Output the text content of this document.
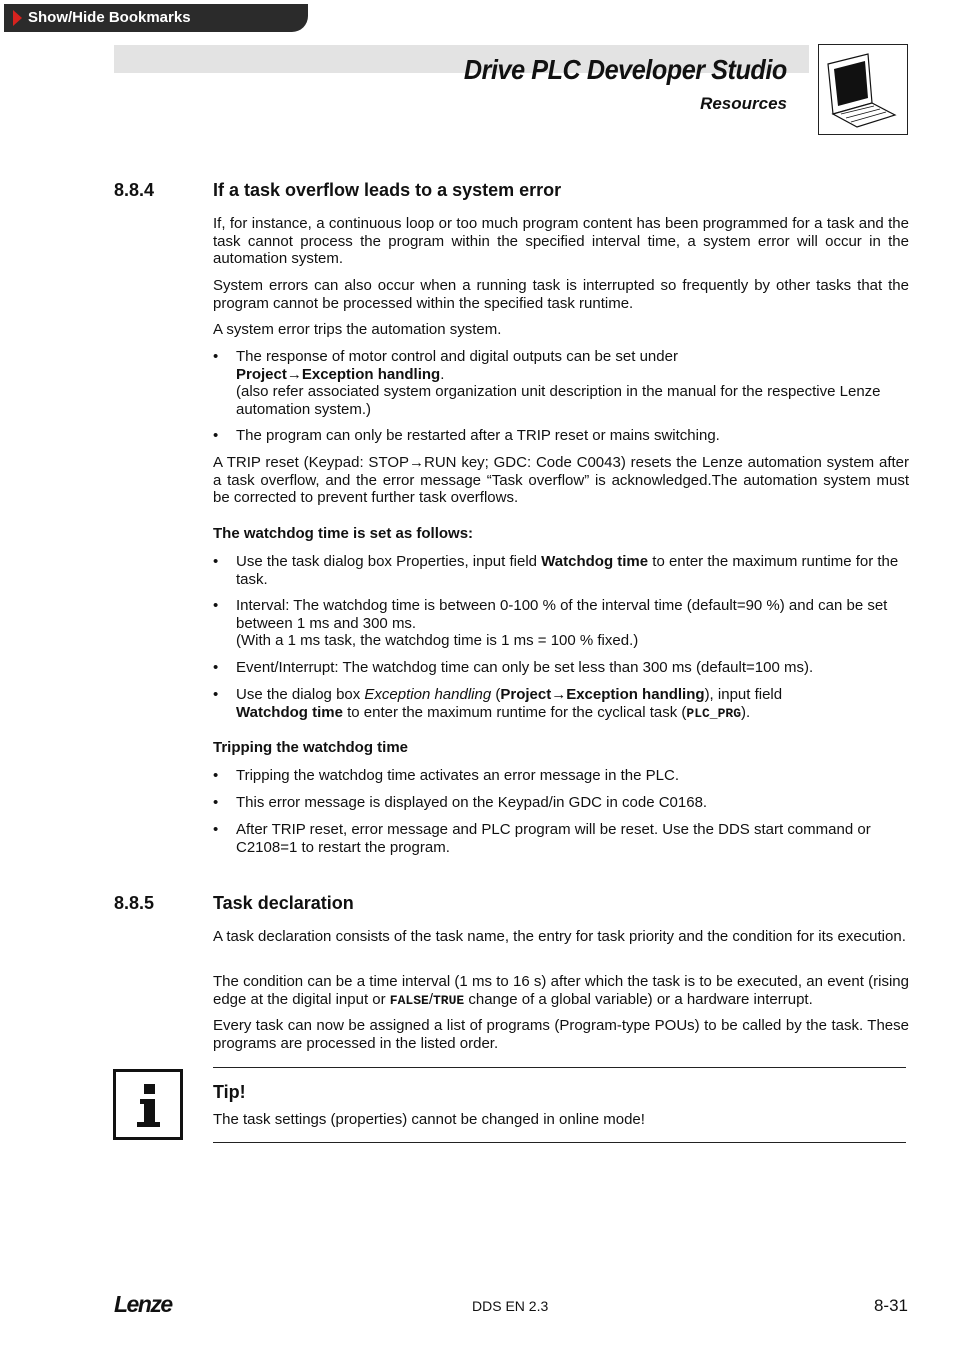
Show/Hide Bookmarks
Drive PLC Developer Studio
Resources
8.8.4	If a task overflow leads to a system error

If, for instance, a continuous loop or too much program content has been programmed for a task and the task cannot process the program within the specified interval time, a system error will occur in the automation system.

System errors can also occur when a running task is interrupted so frequently by other tasks that the program cannot be processed within the specified task runtime.

A system error trips the automation system.

• The response of motor control and digital outputs can be set under
Project→Exception handling.
(also refer associated system organization unit description in the manual for the respective Lenze automation system.)
• The program can only be restarted after a TRIP reset or mains switching.

A TRIP reset (Keypad: STOP→RUN key; GDC: Code C0043) resets the Lenze automation system after a task overflow, and the error message “Task overflow” is acknowledged.The automation system must be corrected to prevent further task overflows.

The watchdog time is set as follows:
• Use the task dialog box Properties, input field Watchdog time to enter the maximum runtime for the task.
• Interval: The watchdog time is between 0-100 % of the interval time (default=90 %) and can be set between 1 ms and 300 ms.
(With a 1 ms task, the watchdog time is 1 ms = 100 % fixed.)
• Event/Interrupt: The watchdog time can only be set less than 300 ms (default=100 ms).
• Use the dialog box Exception handling (Project→Exception handling), input field
Watchdog time to enter the maximum runtime for the cyclical task (PLC_PRG).
Tripping the watchdog time
• Tripping the watchdog time activates an error message in the PLC.
• This error message is displayed on the Keypad/in GDC in code C0168.
• After TRIP reset, error message and PLC program will be reset. Use the DDS start command or C2108=1 to restart the program.
8.8.5	Task declaration

A task declaration consists of the task name, the entry for task priority and the condition for its execution.

The condition can be a time interval (1 ms to 16 s) after which the task is to be executed, an event (rising edge at the digital input or FALSE/TRUE change of a global variable) or a hardware interrupt.

Every task can now be assigned a list of programs (Program-type POUs) to be called by the task. These programs are processed in the listed order.

Tip!

The task settings (properties) cannot be changed in online mode!

Lenze	DDS EN 2.3	8-31
